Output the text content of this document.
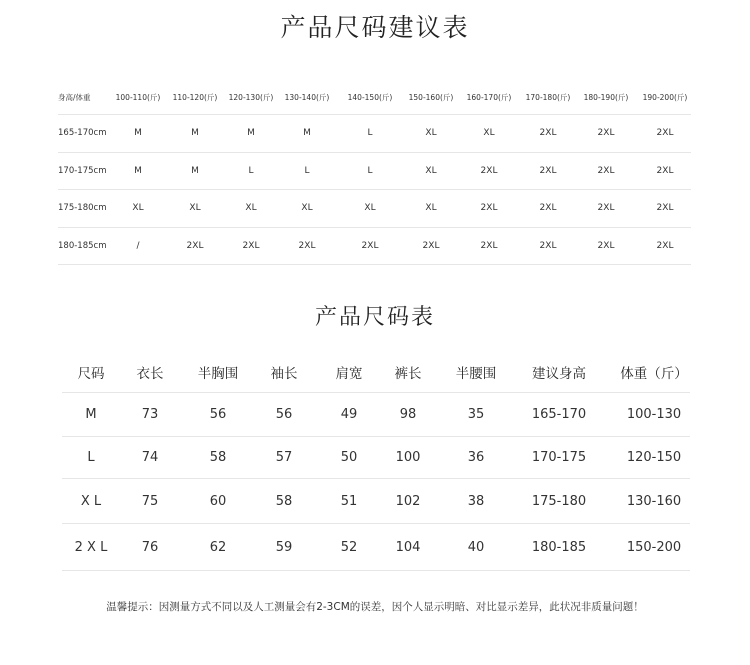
产品尺码建议表
身高/体重	100-110(斤)	110-120(斤)	120-130(斤)	130-140(斤)	140-150(斤)	150-160(斤)	160-170(斤)	170-180(斤)	180-190(斤)	190-200(斤)
165-170cm	M	M	M	M	L	XL	XL	2XL	2XL	2XL
170-175cm	M	M	L	L	L	XL	2XL	2XL	2XL	2XL
175-180cm	XL	XL	XL	XL	XL	XL	2XL	2XL	2XL	2XL
180-185cm	/	2XL	2XL	2XL	2XL	2XL	2XL	2XL	2XL	2XL
产品尺码表
尺码	衣长	半胸围	袖长	肩宽	裤长	半腰围	建议身高	体重（斤）
M	73	56	56	49	98	35	165-170	100-130
L	74	58	57	50	100	36	170-175	120-150
X L	75	60	58	51	102	38	175-180	130-160
2 X L	76	62	59	52	104	40	180-185	150-200
温馨提示：因测量方式不同以及人工测量会有2-3CM的误差，因个人显示明暗、对比显示差异，此状况非质量问题！
